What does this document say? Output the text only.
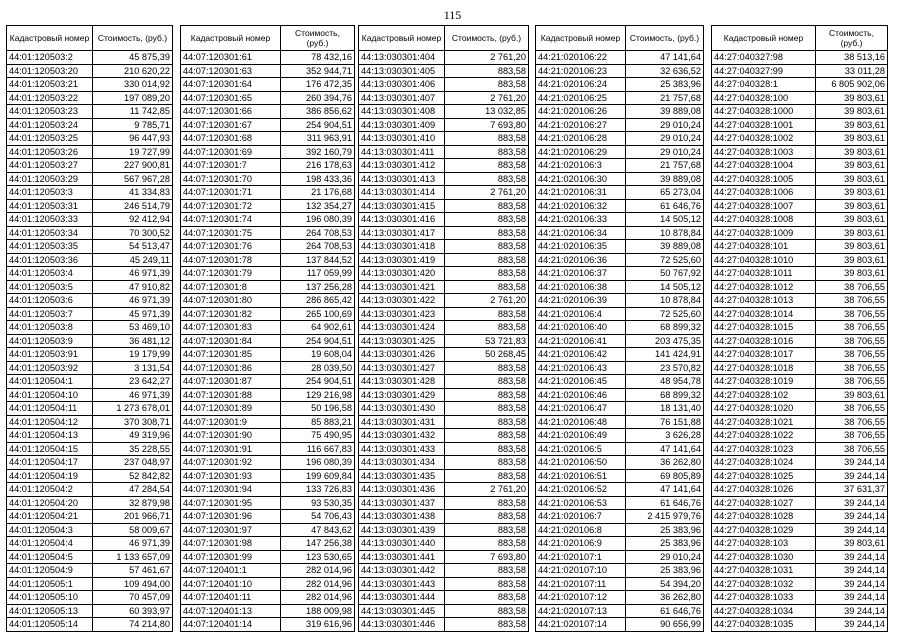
115
Кадастровый номер	Стоимость, (руб.)
44:01:120503:2	45 875,39
44:01:120503:20	210 620,22
44:01:120503:21	330 014,92
44:01:120503:22	197 089,20
44:01:120503:23	11 742,85
44:01:120503:24	9 785,71
44:01:120503:25	96 447,93
44:01:120503:26	19 727,99
44:01:120503:27	227 900,81
44:01:120503:29	567 967,28
44:01:120503:3	41 334,83
44:01:120503:31	246 514,79
44:01:120503:33	92 412,94
44:01:120503:34	70 300,52
44:01:120503:35	54 513,47
44:01:120503:36	45 249,11
44:01:120503:4	46 971,39
44:01:120503:5	47 910,82
44:01:120503:6	46 971,39
44:01:120503:7	45 971,39
44:01:120503:8	53 469,10
44:01:120503:9	36 481,12
44:01:120503:91	19 179,99
44:01:120503:92	3 131,54
44:01:120504:1	23 642,27
44:01:120504:10	46 971,39
44:01:120504:11	1 273 678,01
44:01:120504:12	370 308,71
44:01:120504:13	49 319,96
44:01:120504:15	35 228,55
44:01:120504:17	237 048,97
44:01:120504:19	52 842,82
44:01:120504:2	47 284,54
44:01:120504:20	32 879,98
44:01:120504:21	201 966,71
44:01:120504:3	58 009,67
44:01:120504:4	46 971,39
44:01:120504:5	1 133 657,09
44:01:120504:9	57 461,67
44:01:120505:1	109 494,00
44:01:120505:10	70 457,09
44:01:120505:13	60 393,97
44:01:120505:14	74 214,80
Кадастровый номер	Стоимость, (руб.)
44:07:120301:61	78 432,16
44:07:120301:63	352 944,71
44:07:120301:64	176 472,35
44:07:120301:65	260 394,76
44:07:120301:66	386 856,62
44:07:120301:67	254 904,51
44:07:120301:68	311 963,91
44:07:120301:69	392 160,79
44:07:120301:7	216 178,63
44:07:120301:70	198 433,36
44:07:120301:71	21 176,68
44:07:120301:72	132 354,27
44:07:120301:74	196 080,39
44:07:120301:75	264 708,53
44:07:120301:76	264 708,53
44:07:120301:78	137 844,52
44:07:120301:79	117 059,99
44:07:120301:8	137 256,28
44:07:120301:80	286 865,42
44:07:120301:82	265 100,69
44:07:120301:83	64 902,61
44:07:120301:84	254 904,51
44:07:120301:85	19 608,04
44:07:120301:86	28 039,50
44:07:120301:87	254 904,51
44:07:120301:88	129 216,98
44:07:120301:89	50 196,58
44:07:120301:9	85 883,21
44:07:120301:90	75 490,95
44:07:120301:91	116 667,83
44:07:120301:92	196 080,39
44:07:120301:93	199 609,84
44:07:120301:94	133 726,83
44:07:120301:95	93 530,35
44:07:120301:96	54 706,43
44:07:120301:97	47 843,62
44:07:120301:98	147 256,38
44:07:120301:99	123 530,65
44:07:120401:1	282 014,96
44:07:120401:10	282 014,96
44:07:120401:11	282 014,96
44:07:120401:13	188 009,98
44:07:120401:14	319 616,96
Кадастровый номер	Стоимость, (руб.)
44:13:030301:404	2 761,20
44:13:030301:405	883,58
44:13:030301:406	883,58
44:13:030301:407	2 761,20
44:13:030301:408	13 032,85
44:13:030301:409	7 693,80
44:13:030301:410	883,58
44:13:030301:411	883,58
44:13:030301:412	883,58
44:13:030301:413	883,58
44:13:030301:414	2 761,20
44:13:030301:415	883,58
44:13:030301:416	883,58
44:13:030301:417	883,58
44:13:030301:418	883,58
44:13:030301:419	883,58
44:13:030301:420	883,58
44:13:030301:421	883,58
44:13:030301:422	2 761,20
44:13:030301:423	883,58
44:13:030301:424	883,58
44:13:030301:425	53 721,83
44:13:030301:426	50 268,45
44:13:030301:427	883,58
44:13:030301:428	883,58
44:13:030301:429	883,58
44:13:030301:430	883,58
44:13:030301:431	883,58
44:13:030301:432	883,58
44:13:030301:433	883,58
44:13:030301:434	883,58
44:13:030301:435	883,58
44:13:030301:436	2 761,20
44:13:030301:437	883,58
44:13:030301:438	883,58
44:13:030301:439	883,58
44:13:030301:440	883,58
44:13:030301:441	7 693,80
44:13:030301:442	883,58
44:13:030301:443	883,58
44:13:030301:444	883,58
44:13:030301:445	883,58
44:13:030301:446	883,58
Кадастровый номер	Стоимость, (руб.)
44:21:020106:22	47 141,64
44:21:020106:23	32 636,52
44:21:020106:24	25 383,96
44:21:020106:25	21 757,68
44:21:020106:26	39 889,08
44:21:020106:27	29 010,24
44:21:020106:28	29 010,24
44:21:020106:29	29 010,24
44:21:020106:3	21 757,68
44:21:020106:30	39 889,08
44:21:020106:31	65 273,04
44:21:020106:32	61 646,76
44:21:020106:33	14 505,12
44:21:020106:34	10 878,84
44:21:020106:35	39 889,08
44:21:020106:36	72 525,60
44:21:020106:37	50 767,92
44:21:020106:38	14 505,12
44:21:020106:39	10 878,84
44:21:020106:4	72 525,60
44:21:020106:40	68 899,32
44:21:020106:41	203 475,35
44:21:020106:42	141 424,91
44:21:020106:43	23 570,82
44:21:020106:45	48 954,78
44:21:020106:46	68 899,32
44:21:020106:47	18 131,40
44:21:020106:48	76 151,88
44:21:020106:49	3 626,28
44:21:020106:5	47 141,64
44:21:020106:50	36 262,80
44:21:020106:51	69 805,89
44:21:020106:52	47 141,64
44:21:020106:53	61 646,76
44:21:020106:7	2 415 979,76
44:21:020106:8	25 383,96
44:21:020106:9	25 383,96
44:21:020107:1	29 010,24
44:21:020107:10	25 383,96
44:21:020107:11	54 394,20
44:21:020107:12	36 262,80
44:21:020107:13	61 646,76
44:21:020107:14	90 656,99
Кадастровый номер	Стоимость, (руб.)
44:27:040327:98	38 513,16
44:27:040327:99	33 011,28
44:27:040328:1	6 805 902,06
44:27:040328:100	39 803,61
44:27:040328:1000	39 803,61
44:27:040328:1001	39 803,61
44:27:040328:1002	39 803,61
44:27:040328:1003	39 803,61
44:27:040328:1004	39 803,61
44:27:040328:1005	39 803,61
44:27:040328:1006	39 803,61
44:27:040328:1007	39 803,61
44:27:040328:1008	39 803,61
44:27:040328:1009	39 803,61
44:27:040328:101	39 803,61
44:27:040328:1010	39 803,61
44:27:040328:1011	39 803,61
44:27:040328:1012	38 706,55
44:27:040328:1013	38 706,55
44:27:040328:1014	38 706,55
44:27:040328:1015	38 706,55
44:27:040328:1016	38 706,55
44:27:040328:1017	38 706,55
44:27:040328:1018	38 706,55
44:27:040328:1019	38 706,55
44:27:040328:102	39 803,61
44:27:040328:1020	38 706,55
44:27:040328:1021	38 706,55
44:27:040328:1022	38 706,55
44:27:040328:1023	38 706,55
44:27:040328:1024	39 244,14
44:27:040328:1025	39 244,14
44:27:040328:1026	37 631,37
44:27:040328:1027	39 244,14
44:27:040328:1028	39 244,14
44:27:040328:1029	39 244,14
44:27:040328:103	39 803,61
44:27:040328:1030	39 244,14
44:27:040328:1031	39 244,14
44:27:040328:1032	39 244,14
44:27:040328:1033	39 244,14
44:27:040328:1034	39 244,14
44:27:040328:1035	39 244,14
